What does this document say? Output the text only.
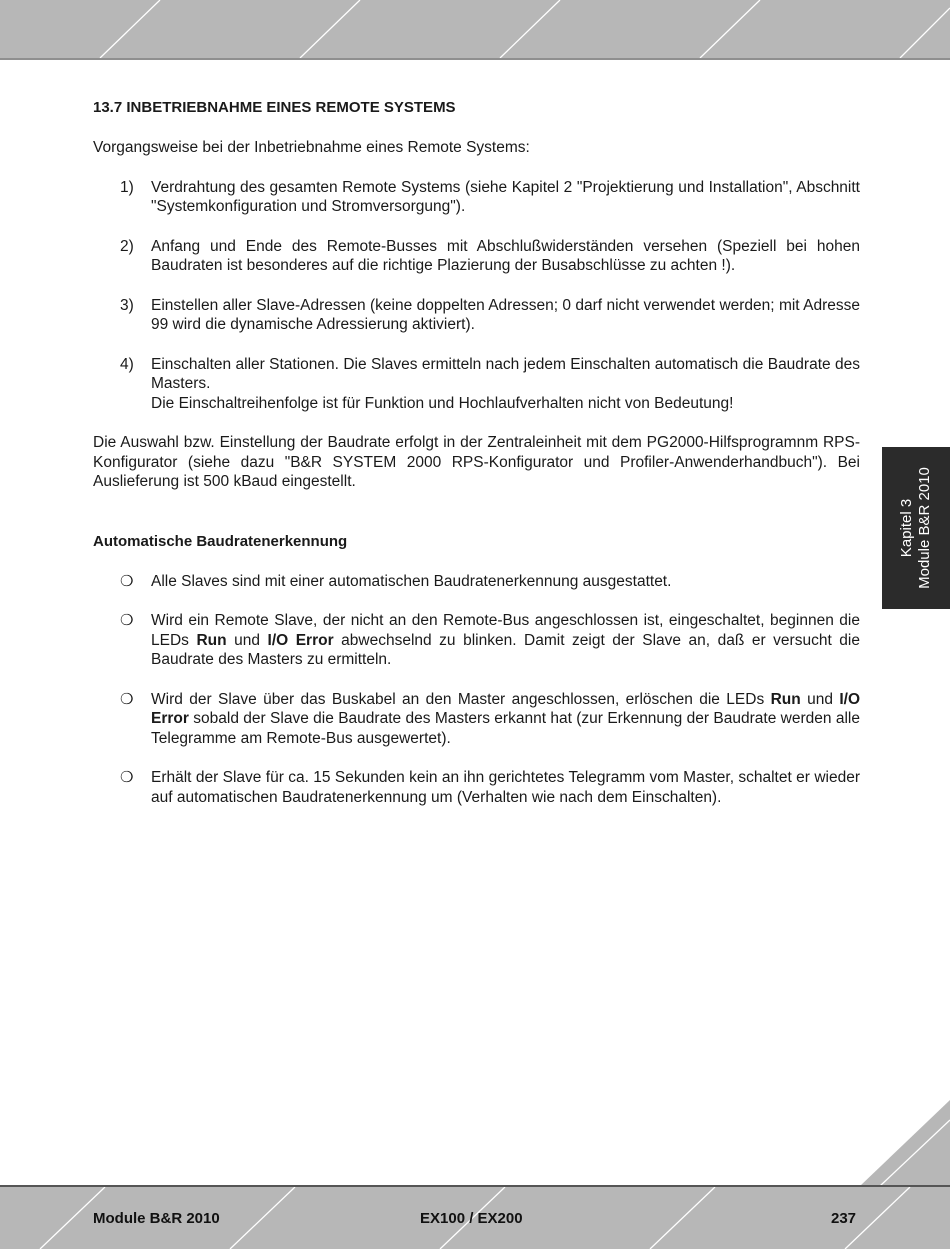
Kapitel 3 Module B&R 2010
13.7 INBETRIEBNAHME EINES REMOTE SYSTEMS

Vorgangsweise bei der Inbetriebnahme eines Remote Systems:

1)	Verdrahtung des gesamten Remote Systems (siehe Kapitel 2 "Projektierung und Installation", Abschnitt "Systemkonfiguration und Stromversorgung").
2)	Anfang und Ende des Remote-Busses mit Abschlußwiderständen versehen (Speziell bei hohen Baudraten ist besonderes auf die richtige Plazierung der Busabschlüsse zu achten !).
3)	Einstellen aller Slave-Adressen (keine doppelten Adressen; 0 darf nicht verwendet werden; mit Adresse 99 wird die dynamische Adressierung aktiviert).
4)	Einschalten aller Stationen. Die Slaves ermitteln nach jedem Einschalten automatisch die Baudrate des Masters.
Die Einschaltreihenfolge ist für Funktion und Hochlaufverhalten nicht von Bedeutung!

Die Auswahl bzw. Einstellung der Baudrate erfolgt in der Zentraleinheit mit dem PG2000-Hilfsprogramnm RPS-Konfigurator (siehe dazu "B&R SYSTEM 2000 RPS-Konfigurator und Profiler-Anwenderhandbuch"). Bei Auslieferung ist 500 kBaud eingestellt.

Automatische Baudratenerkennung
❍	Alle Slaves sind mit einer automatischen Baudratenerkennung ausgestattet.
❍	Wird ein Remote Slave, der nicht an den Remote-Bus angeschlossen ist, eingeschaltet, beginnen die LEDs Run und I/O Error abwechselnd zu blinken. Damit zeigt der Slave an, daß er versucht die Baudrate des Masters zu ermitteln.
❍	Wird der Slave über das Buskabel an den Master angeschlossen, erlöschen die LEDs Run und I/O Error sobald der Slave die Baudrate des Masters erkannt hat (zur Erkennung der Baudrate werden alle Telegramme am Remote-Bus ausgewertet).
❍	Erhält der Slave für ca. 15 Sekunden kein an ihn gerichtetes Telegramm vom Master, schaltet er wieder auf automatischen Baudratenerkennung um (Verhalten wie nach dem Einschalten).
Module B&R 2010	EX100 / EX200	237
